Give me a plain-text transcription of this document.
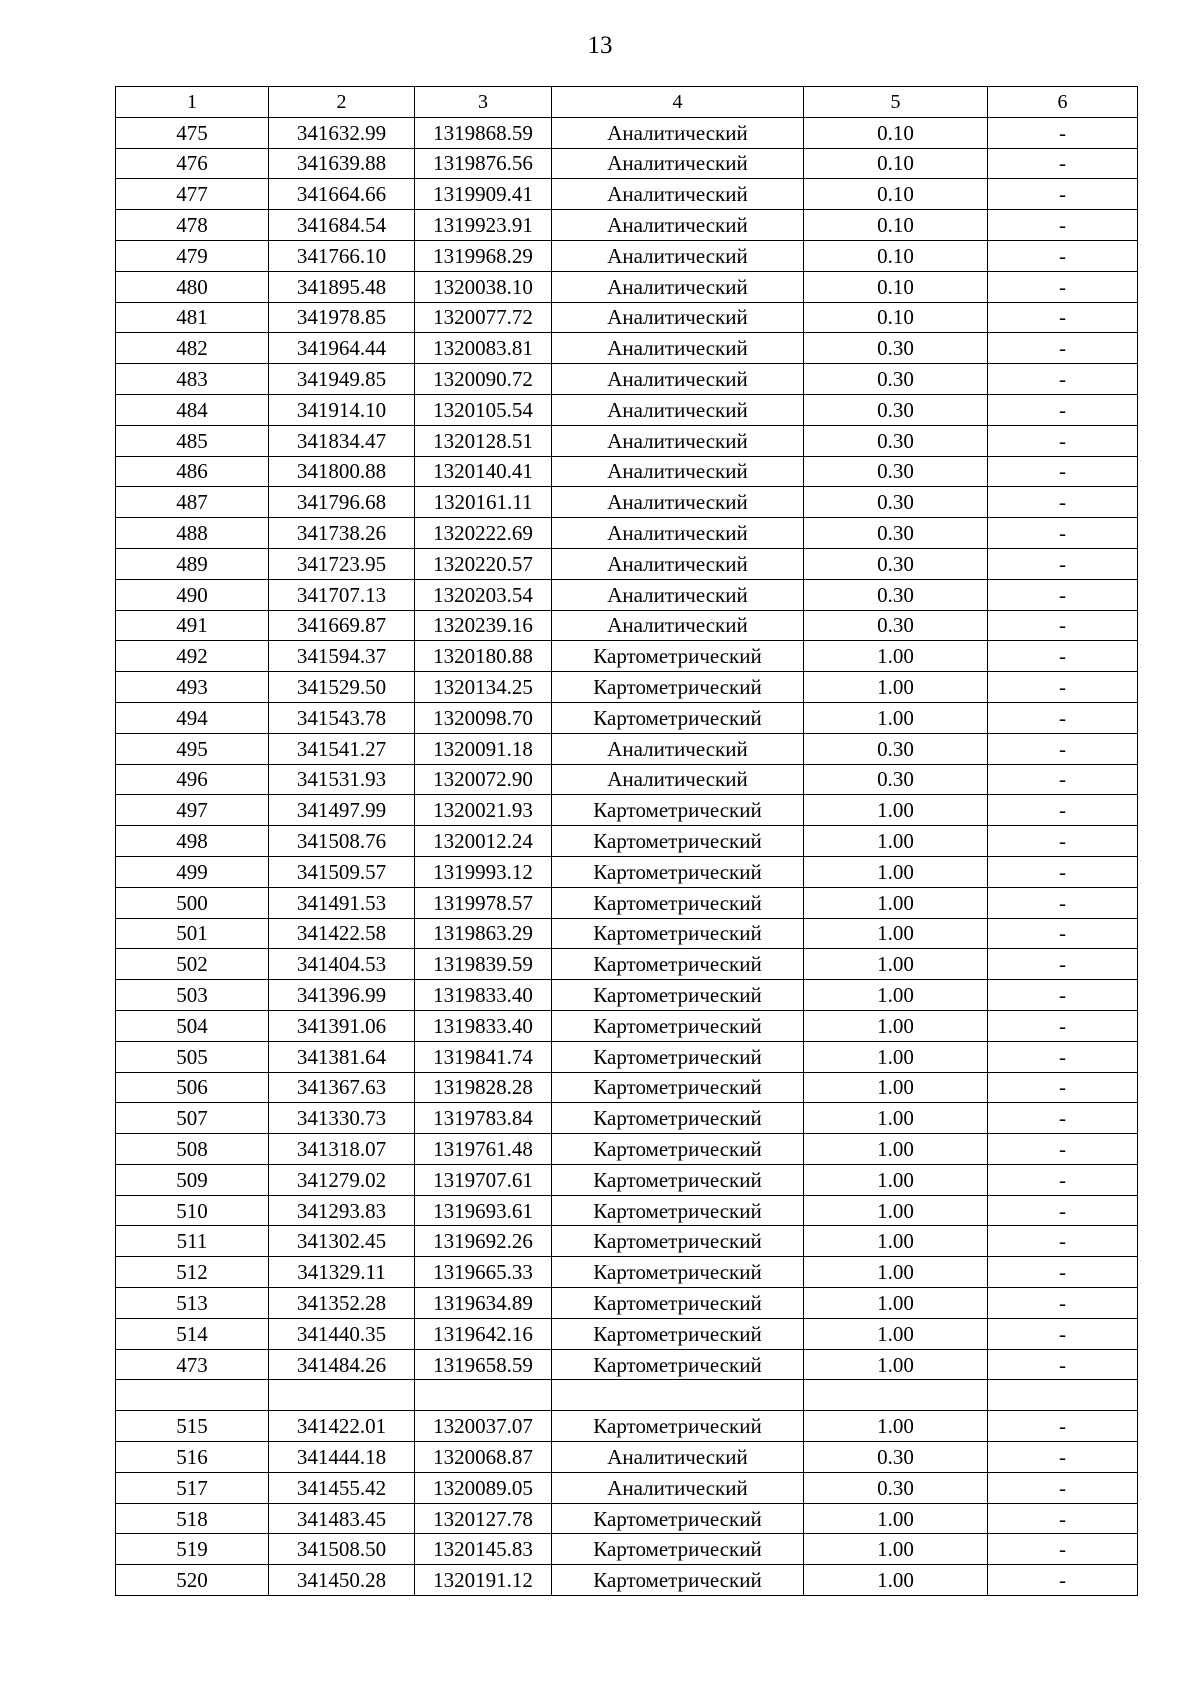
13
1	2	3	4	5	6
475	341632.99	1319868.59	Аналитический	0.10	-
476	341639.88	1319876.56	Аналитический	0.10	-
477	341664.66	1319909.41	Аналитический	0.10	-
478	341684.54	1319923.91	Аналитический	0.10	-
479	341766.10	1319968.29	Аналитический	0.10	-
480	341895.48	1320038.10	Аналитический	0.10	-
481	341978.85	1320077.72	Аналитический	0.10	-
482	341964.44	1320083.81	Аналитический	0.30	-
483	341949.85	1320090.72	Аналитический	0.30	-
484	341914.10	1320105.54	Аналитический	0.30	-
485	341834.47	1320128.51	Аналитический	0.30	-
486	341800.88	1320140.41	Аналитический	0.30	-
487	341796.68	1320161.11	Аналитический	0.30	-
488	341738.26	1320222.69	Аналитический	0.30	-
489	341723.95	1320220.57	Аналитический	0.30	-
490	341707.13	1320203.54	Аналитический	0.30	-
491	341669.87	1320239.16	Аналитический	0.30	-
492	341594.37	1320180.88	Картометрический	1.00	-
493	341529.50	1320134.25	Картометрический	1.00	-
494	341543.78	1320098.70	Картометрический	1.00	-
495	341541.27	1320091.18	Аналитический	0.30	-
496	341531.93	1320072.90	Аналитический	0.30	-
497	341497.99	1320021.93	Картометрический	1.00	-
498	341508.76	1320012.24	Картометрический	1.00	-
499	341509.57	1319993.12	Картометрический	1.00	-
500	341491.53	1319978.57	Картометрический	1.00	-
501	341422.58	1319863.29	Картометрический	1.00	-
502	341404.53	1319839.59	Картометрический	1.00	-
503	341396.99	1319833.40	Картометрический	1.00	-
504	341391.06	1319833.40	Картометрический	1.00	-
505	341381.64	1319841.74	Картометрический	1.00	-
506	341367.63	1319828.28	Картометрический	1.00	-
507	341330.73	1319783.84	Картометрический	1.00	-
508	341318.07	1319761.48	Картометрический	1.00	-
509	341279.02	1319707.61	Картометрический	1.00	-
510	341293.83	1319693.61	Картометрический	1.00	-
511	341302.45	1319692.26	Картометрический	1.00	-
512	341329.11	1319665.33	Картометрический	1.00	-
513	341352.28	1319634.89	Картометрический	1.00	-
514	341440.35	1319642.16	Картометрический	1.00	-
473	341484.26	1319658.59	Картометрический	1.00	-

515	341422.01	1320037.07	Картометрический	1.00	-
516	341444.18	1320068.87	Аналитический	0.30	-
517	341455.42	1320089.05	Аналитический	0.30	-
518	341483.45	1320127.78	Картометрический	1.00	-
519	341508.50	1320145.83	Картометрический	1.00	-
520	341450.28	1320191.12	Картометрический	1.00	-
